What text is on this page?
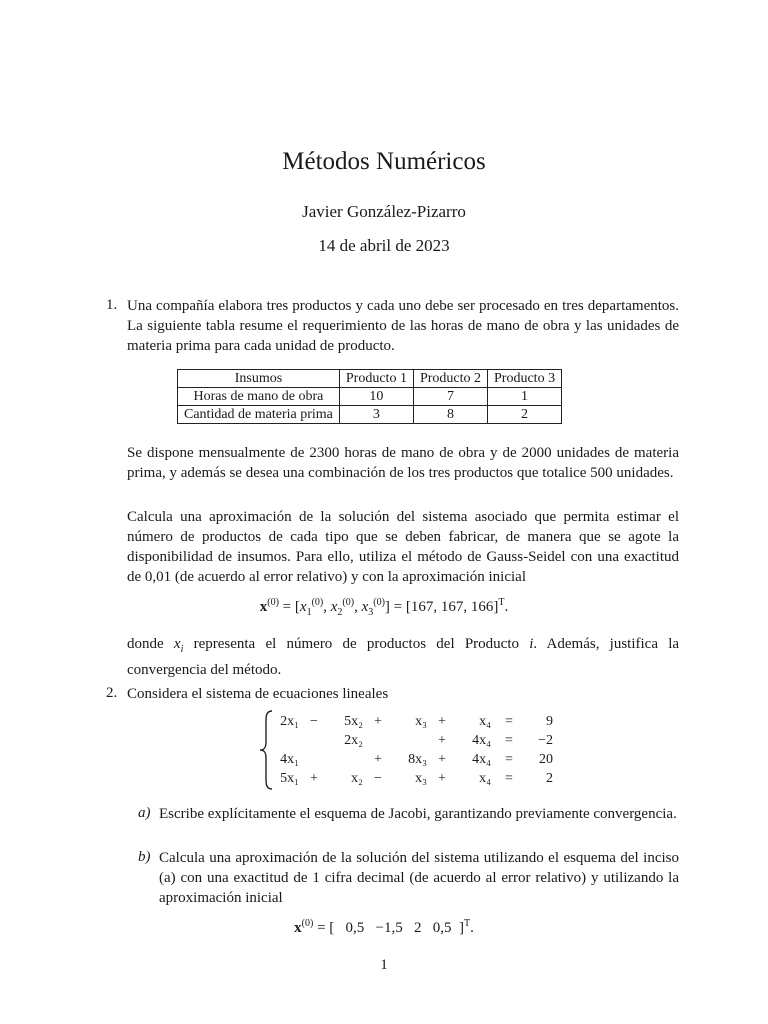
Métodos Numéricos
Javier González-Pizarro
14 de abril de 2023
1. Una compañía elabora tres productos y cada uno debe ser procesado en tres departamentos. La siguiente tabla resume el requerimiento de las horas de mano de obra y las unidades de materia prima para cada unidad de producto.
Insumos	Producto 1	Producto 2	Producto 3
Horas de mano de obra	10	7	1
Cantidad de materia prima	3	8	2
Se dispone mensualmente de 2300 horas de mano de obra y de 2000 unidades de materia prima, y además se desea una combinación de los tres productos que totalice 500 unidades.
Calcula una aproximación de la solución del sistema asociado que permita estimar el número de productos de cada tipo que se deben fabricar, de manera que se agote la disponibilidad de insumos. Para ello, utiliza el método de Gauss-Seidel con una exactitud de 0,01 (de acuerdo al error relativo) y con la aproximación inicial
$x^{(0)} = [x_1^{(0)}$, $x_2^{(0)}$, $x_3^{(0)}] = [167$, 167, 166]$^T$.
donde $x_i$ representa el número de productos del Producto i. Además, justifica la convergencia del método.
2. Considera el sistema de ecuaciones lineales
2x₁	−	5x₂	+	x₃	+	x₄	=	9
		2x₂			+	4x₄	=	−2
4x₁			+	8x₃	+	4x₄	=	20
5x₁	+	x₂	−	x₃	+	x₄	=	2
a) Escribe explícitamente el esquema de Jacobi, garantizando previamente convergencia.
b) Calcula una aproximación de la solución del sistema utilizando el esquema del inciso (a) con una exactitud de 1 cifra decimal (de acuerdo al error relativo) y utilizando la aproximación inicial
$x^{(0)}$ = [   0,5 −1,5 2 0,5  ]$^T$.
1
